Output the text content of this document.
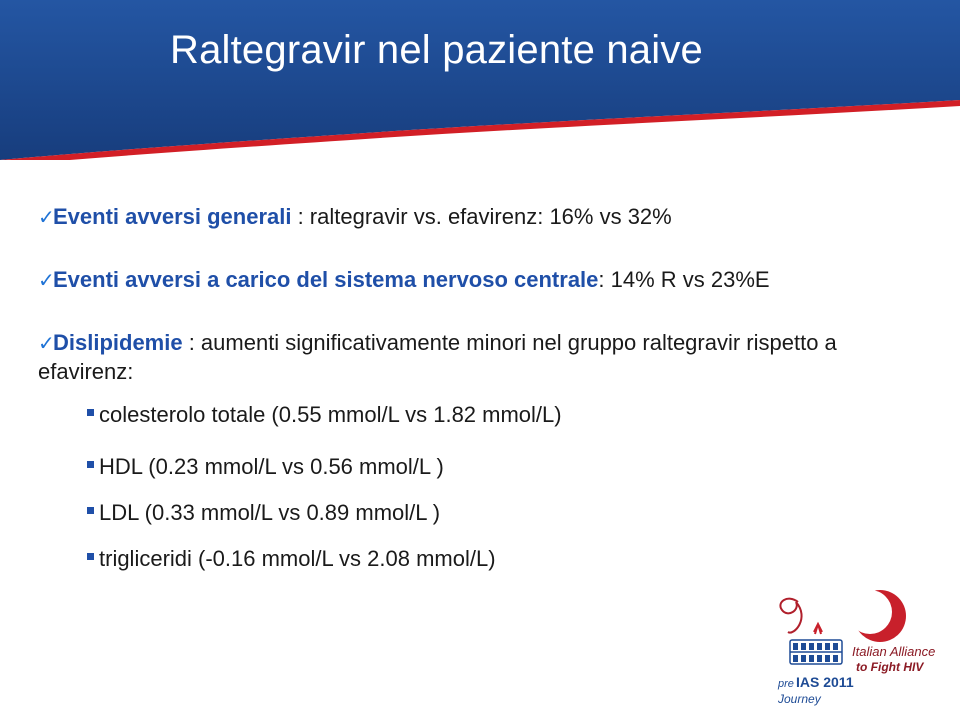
Raltegravir nel paziente naive

✓Eventi avversi generali : raltegravir vs. efavirenz: 16% vs 32%

✓Eventi avversi a carico del sistema nervoso centrale: 14% R vs 23%E

✓Dislipidemie : aumenti significativamente minori nel gruppo raltegravir rispetto a efavirenz:

colesterolo totale (0.55 mmol/L vs 1.82 mmol/L)
HDL (0.23 mmol/L vs 0.56 mmol/L )
LDL (0.33 mmol/L vs 0.89 mmol/L )
trigliceridi (-0.16 mmol/L vs 2.08 mmol/L)
Italian Alliance
to Fight HIV
pre IAS 2011
Journey
